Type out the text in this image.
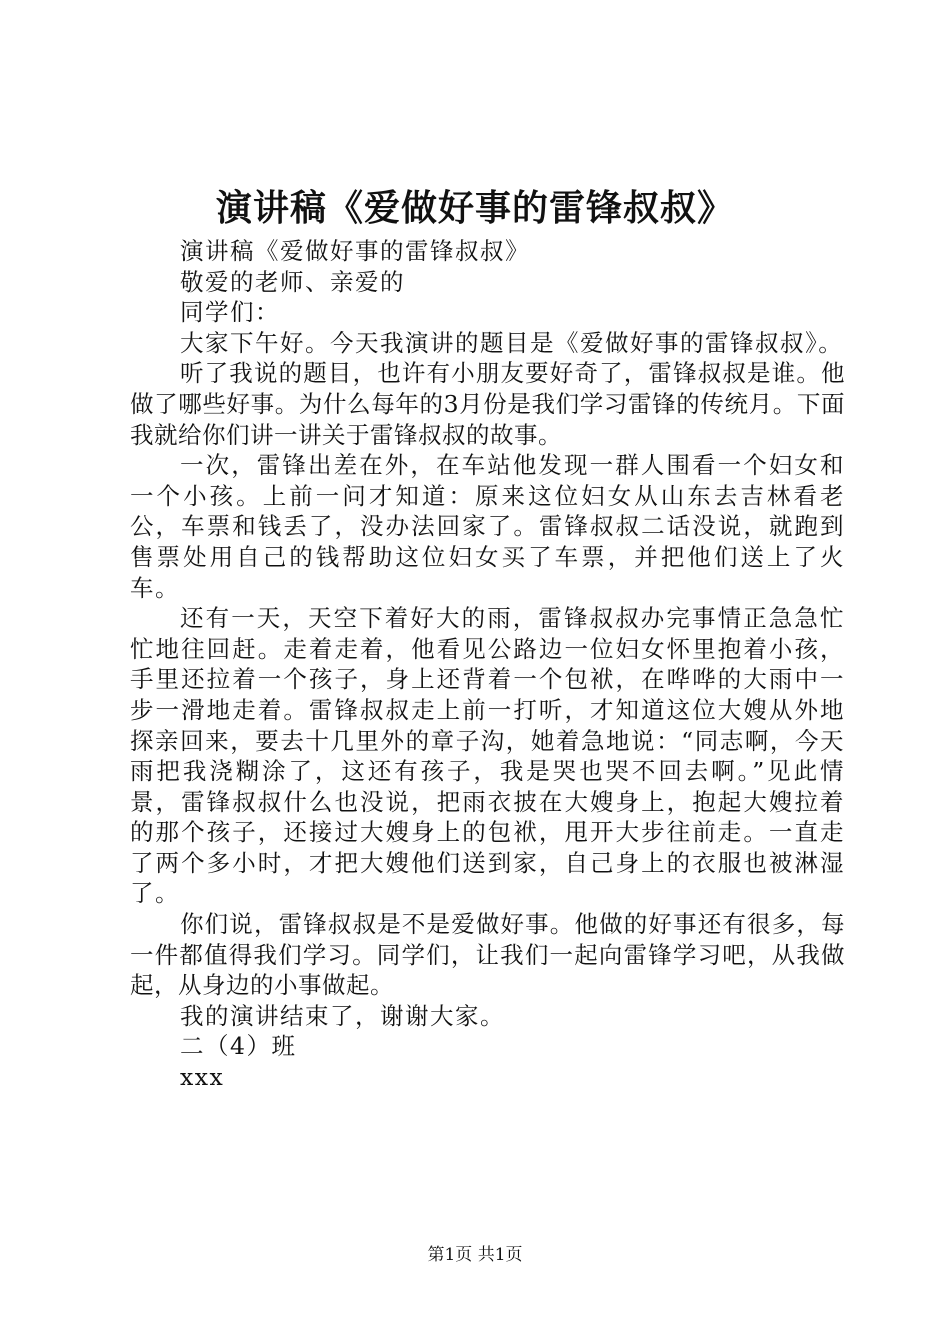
演讲稿《爱做好事的雷锋叔叔》

演讲稿《爱做好事的雷锋叔叔》

敬爱的老师、亲爱的

同学们：

大家下午好。今天我演讲的题目是《爱做好事的雷锋叔叔》。

听了我说的题目，也许有小朋友要好奇了，雷锋叔叔是谁。他做了哪些好事。为什么每年的3月份是我们学习雷锋的传统月。下面我就给你们讲一讲关于雷锋叔叔的故事。

一次，雷锋出差在外，在车站他发现一群人围看一个妇女和一个小孩。上前一问才知道：原来这位妇女从山东去吉林看老公，车票和钱丢了，没办法回家了。雷锋叔叔二话没说，就跑到售票处用自己的钱帮助这位妇女买了车票，并把他们送上了火车。

还有一天，天空下着好大的雨，雷锋叔叔办完事情正急急忙忙地往回赶。走着走着，他看见公路边一位妇女怀里抱着小孩，手里还拉着一个孩子，身上还背着一个包袱，在哗哗的大雨中一步一滑地走着。雷锋叔叔走上前一打听，才知道这位大嫂从外地探亲回来，要去十几里外的章子沟，她着急地说：“同志啊，今天雨把我浇糊涂了，这还有孩子，我是哭也哭不回去啊。”见此情景，雷锋叔叔什么也没说，把雨衣披在大嫂身上，抱起大嫂拉着的那个孩子，还接过大嫂身上的包袱，甩开大步往前走。一直走了两个多小时，才把大嫂他们送到家，自己身上的衣服也被淋湿了。

你们说，雷锋叔叔是不是爱做好事。他做的好事还有很多，每一件都值得我们学习。同学们，让我们一起向雷锋学习吧，从我做起，从身边的小事做起。

我的演讲结束了，谢谢大家。

二（4）班

xxx

第1页 共1页
